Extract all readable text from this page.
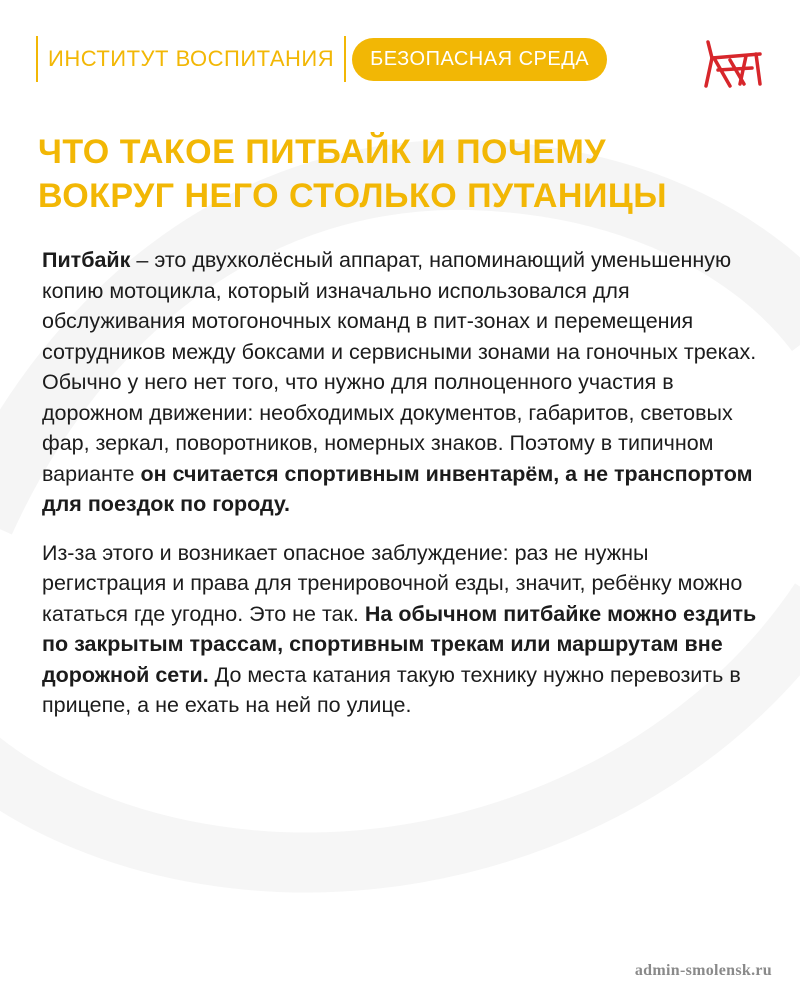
ИНСТИТУТ ВОСПИТАНИЯ	БЕЗОПАСНАЯ СРЕДА
ЧТО ТАКОЕ ПИТБАЙК И ПОЧЕМУ
ВОКРУГ НЕГО СТОЛЬКО ПУТАНИЦЫ

Питбайк – это двухколёсный аппарат, напоминающий уменьшенную копию мотоцикла, который изначально использовался для обслуживания мотогоночных команд в пит-зонах и перемещения сотрудников между боксами и сервисными зонами на гоночных треках. Обычно у него нет того, что нужно для полноценного участия в дорожном движении: необходимых документов, габаритов, световых фар, зеркал, поворотников, номерных знаков. Поэтому в типичном варианте он считается спортивным инвентарём, а не транспортом для поездок по городу.

Из-за этого и возникает опасное заблуждение: раз не нужны регистрация и права для тренировочной езды, значит, ребёнку можно кататься где угодно. Это не так. На обычном питбайке можно ездить по закрытым трассам, спортивным трекам или маршрутам вне дорожной сети. До места катания такую технику нужно перевозить в прицепе, а не ехать на ней по улице.

admin-smolensk.ru
